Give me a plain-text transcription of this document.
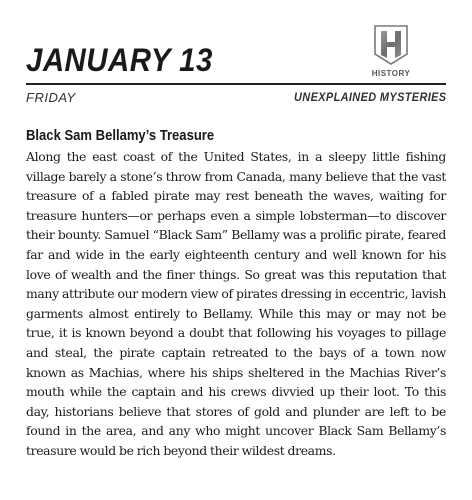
JANUARY 13	HISTORY
FRIDAY	UNEXPLAINED MYSTERIES
Black Sam Bellamy’s Treasure

Along the east coast of the United States, in a sleepy little fishing village barely a stone’s throw from Canada, many believe that the vast treasure of a fabled pirate may rest beneath the waves, waiting for treasure hunters—or perhaps even a simple lobsterman—to discover their bounty. Samuel “Black Sam” Bellamy was a prolific pirate, feared far and wide in the early eighteenth century and well known for his love of wealth and the finer things. So great was this reputation that many attribute our modern view of pirates dressing in eccentric, lavish garments almost entirely to Bellamy. While this may or may not be true, it is known beyond a doubt that following his voyages to pillage and steal, the pirate captain retreated to the bays of a town now known as Machias, where his ships sheltered in the Machias River’s mouth while the captain and his crews divvied up their loot. To this day, historians believe that stores of gold and plunder are left to be found in the area, and any who might uncover Black Sam Bellamy’s treasure would be rich beyond their wildest dreams.
